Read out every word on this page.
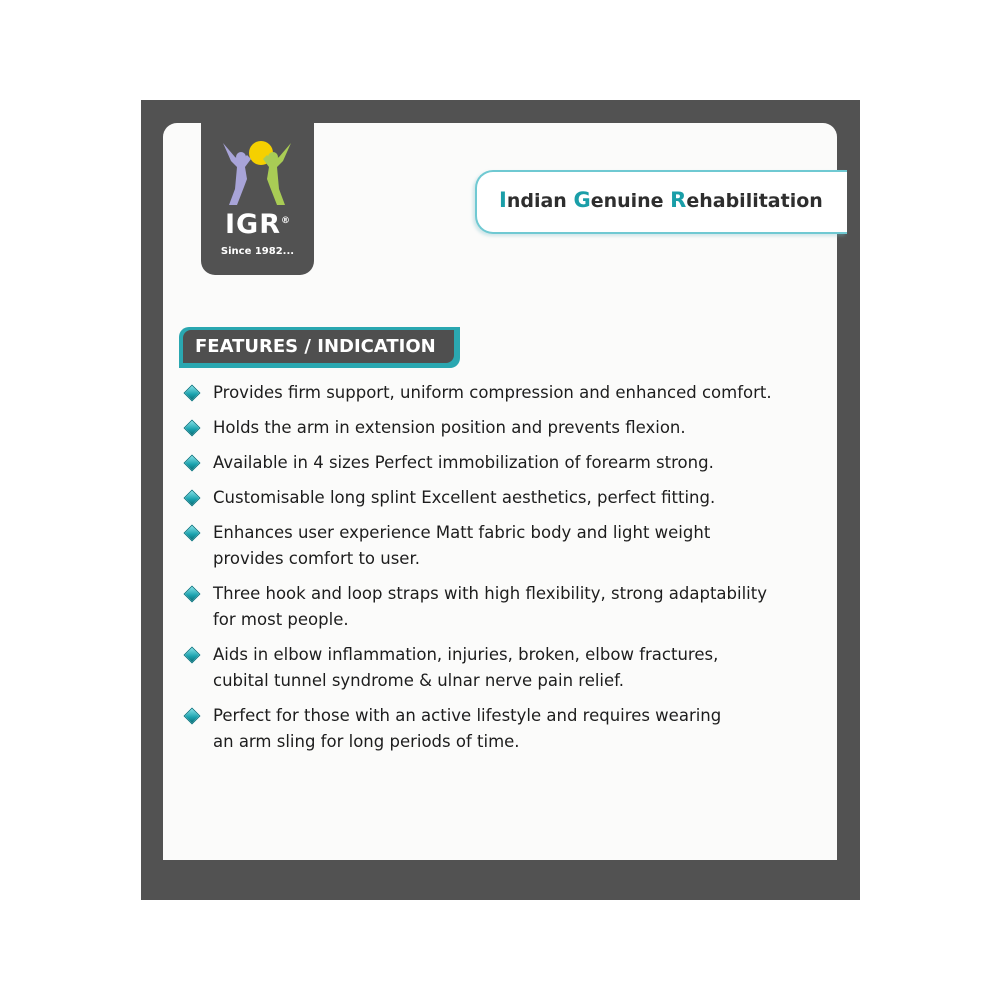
IGR®
Since 1982...
Indian Genuine Rehabilitation
FEATURES / INDICATION

Provides firm support, uniform compression and enhanced comfort.

Holds the arm in extension position and prevents flexion.

Available in 4 sizes Perfect immobilization of forearm strong.

Customisable long splint Excellent aesthetics, perfect fitting.

Enhances user experience Matt fabric body and light weight

provides comfort to user.

Three hook and loop straps with high flexibility, strong adaptability

for most people.

Aids in elbow inflammation, injuries, broken, elbow fractures,

cubital tunnel syndrome & ulnar nerve pain relief.

Perfect for those with an active lifestyle and requires wearing

an arm sling for long periods of time.
